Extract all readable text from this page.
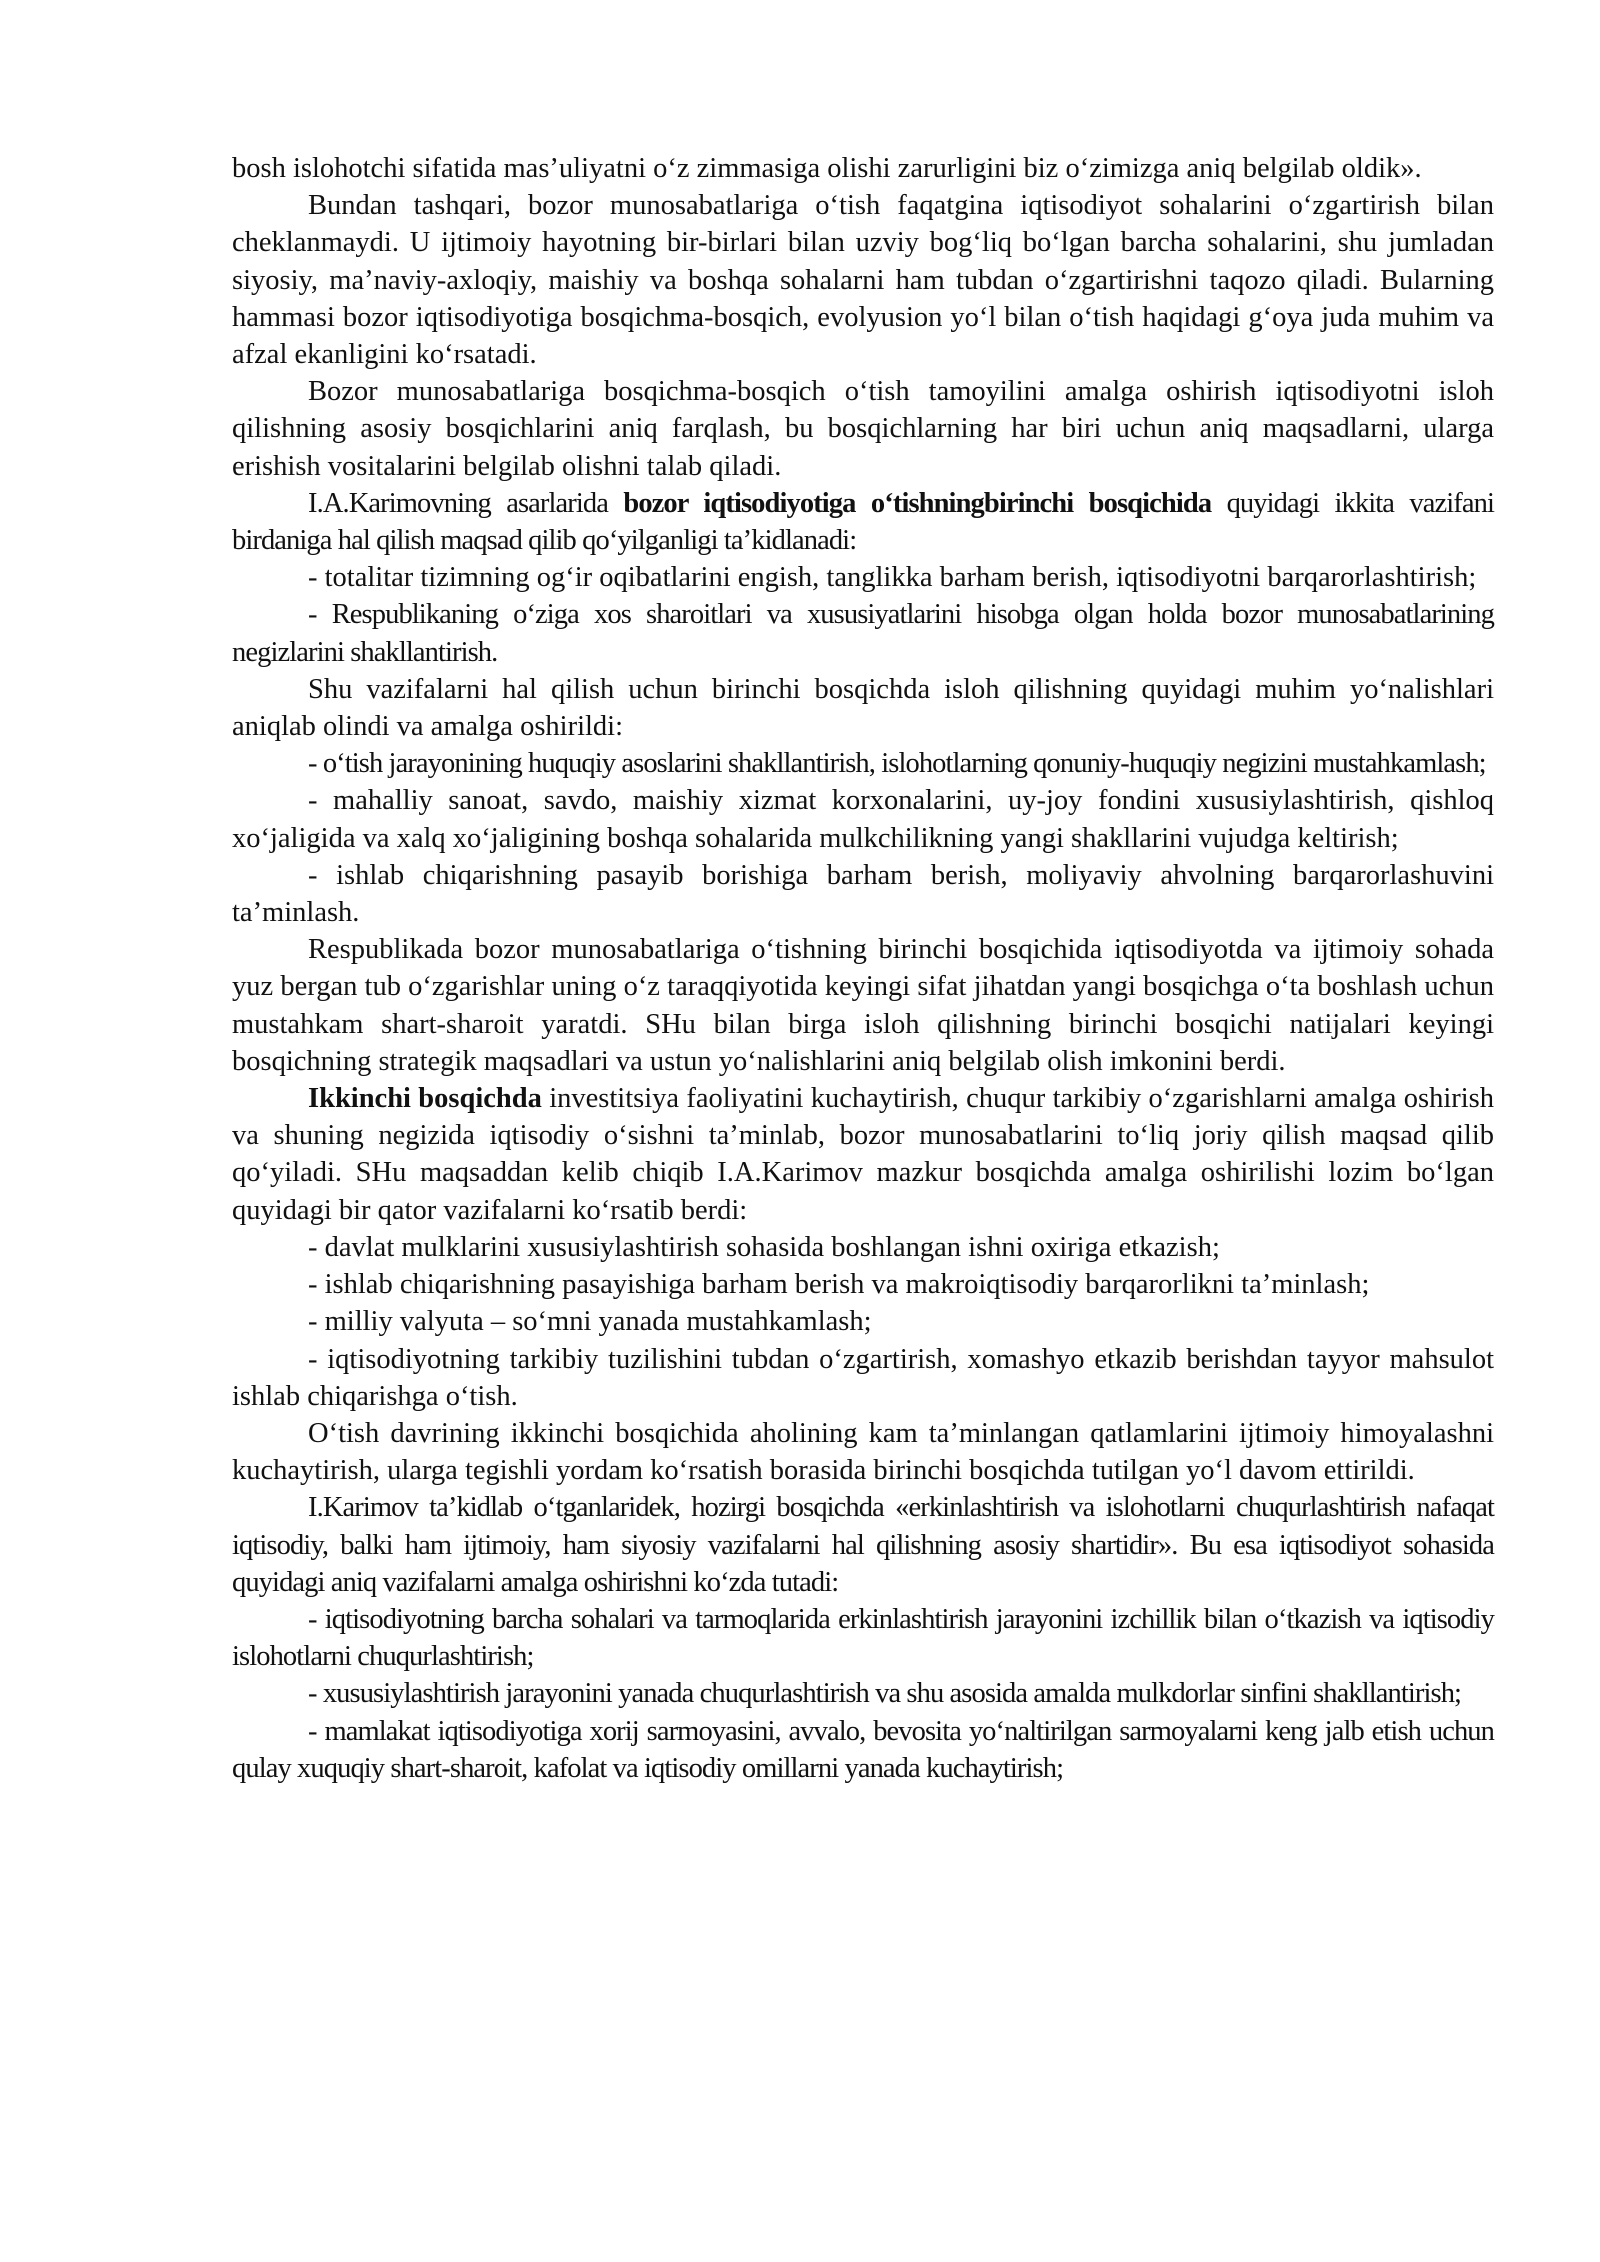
bosh islohotchi sifatida mas’uliyatni o‘z zimmasiga olishi zarurligini biz o‘zimizga aniq belgilab oldik».

Bundan tashqari, bozor munosabatlariga o‘tish faqatgina iqtisodiyot sohalarini o‘zgartirish bilan cheklanmaydi. U ijtimoiy hayotning bir-birlari bilan uzviy bog‘liq bo‘lgan barcha sohalarini, shu jumladan siyosiy, ma’naviy-axloqiy, maishiy va boshqa sohalarni ham tubdan o‘zgartirishni taqozo qiladi. Bularning hammasi bozor iqtisodiyotiga bosqichma-bosqich, evolyusion yo‘l bilan o‘tish haqidagi g‘oya juda muhim va afzal ekanligini ko‘rsatadi.

Bozor munosabatlariga bosqichma-bosqich o‘tish tamoyilini amalga oshirish iqtisodiyotni isloh qilishning asosiy bosqichlarini aniq farqlash, bu bosqichlarning har biri uchun aniq maqsadlarni, ularga erishish vositalarini belgilab olishni talab qiladi.

I.A.Karimovning asarlarida bozor iqtisodiyotiga o‘tishningbirinchi bosqichida quyidagi ikkita vazifani birdaniga hal qilish maqsad qilib qo‘yilganligi ta’kidlanadi:

- totalitar tizimning og‘ir oqibatlarini engish, tanglikka barham berish, iqtisodiyotni barqarorlashtirish;

- Respublikaning o‘ziga xos sharoitlari va xususiyatlarini hisobga olgan holda bozor munosabatlarining negizlarini shakllantirish.

Shu vazifalarni hal qilish uchun birinchi bosqichda isloh qilishning quyidagi muhim yo‘nalishlari aniqlab olindi va amalga oshirildi:

- o‘tish jarayonining huquqiy asoslarini shakllantirish, islohotlarning qonuniy-huquqiy negizini mustahkamlash;

- mahalliy sanoat, savdo, maishiy xizmat korxonalarini, uy-joy fondini xususiylashtirish, qishloq xo‘jaligida va xalq xo‘jaligining boshqa sohalarida mulkchilikning yangi shakllarini vujudga keltirish;

- ishlab chiqarishning pasayib borishiga barham berish, moliyaviy ahvolning barqarorlashuvini ta’minlash.

Respublikada bozor munosabatlariga o‘tishning birinchi bosqichida iqtisodiyotda va ijtimoiy sohada yuz bergan tub o‘zgarishlar uning o‘z taraqqiyotida keyingi sifat jihatdan yangi bosqichga o‘ta boshlash uchun mustahkam shart-sharoit yaratdi. SHu bilan birga isloh qilishning birinchi bosqichi natijalari keyingi bosqichning strategik maqsadlari va ustun yo‘nalishlarini aniq belgilab olish imkonini berdi.

Ikkinchi bosqichda investitsiya faoliyatini kuchaytirish, chuqur tarkibiy o‘zgarishlarni amalga oshirish va shuning negizida iqtisodiy o‘sishni ta’minlab, bozor munosabatlarini to‘liq joriy qilish maqsad qilib qo‘yiladi. SHu maqsaddan kelib chiqib I.A.Karimov mazkur bosqichda amalga oshirilishi lozim bo‘lgan quyidagi bir qator vazifalarni ko‘rsatib berdi:

- davlat mulklarini xususiylashtirish sohasida boshlangan ishni oxiriga etkazish;

- ishlab chiqarishning pasayishiga barham berish va makroiqtisodiy barqarorlikni ta’minlash;

- milliy valyuta – so‘mni yanada mustahkamlash;

- iqtisodiyotning tarkibiy tuzilishini tubdan o‘zgartirish, xomashyo etkazib berishdan tayyor mahsulot ishlab chiqarishga o‘tish.

O‘tish davrining ikkinchi bosqichida aholining kam ta’minlangan qatlamlarini ijtimoiy himoyalashni kuchaytirish, ularga tegishli yordam ko‘rsatish borasida birinchi bosqichda tutilgan yo‘l davom ettirildi.

I.Karimov ta’kidlab o‘tganlaridek, hozirgi bosqichda «erkinlashtirish va islohotlarni chuqurlashtirish nafaqat iqtisodiy, balki ham ijtimoiy, ham siyosiy vazifalarni hal qilishning asosiy shartidir». Bu esa iqtisodiyot sohasida quyidagi aniq vazifalarni amalga oshirishni ko‘zda tutadi:

- iqtisodiyotning barcha sohalari va tarmoqlarida erkinlashtirish jarayonini izchillik bilan o‘tkazish va iqtisodiy islohotlarni chuqurlashtirish;

- xususiylashtirish jarayonini yanada chuqurlashtirish va shu asosida amalda mulkdorlar sinfini shakllantirish;

- mamlakat iqtisodiyotiga xorij sarmoyasini, avvalo, bevosita yo‘naltirilgan sarmoyalarni keng jalb etish uchun qulay xuquqiy shart-sharoit, kafolat va iqtisodiy omillarni yanada kuchaytirish;
